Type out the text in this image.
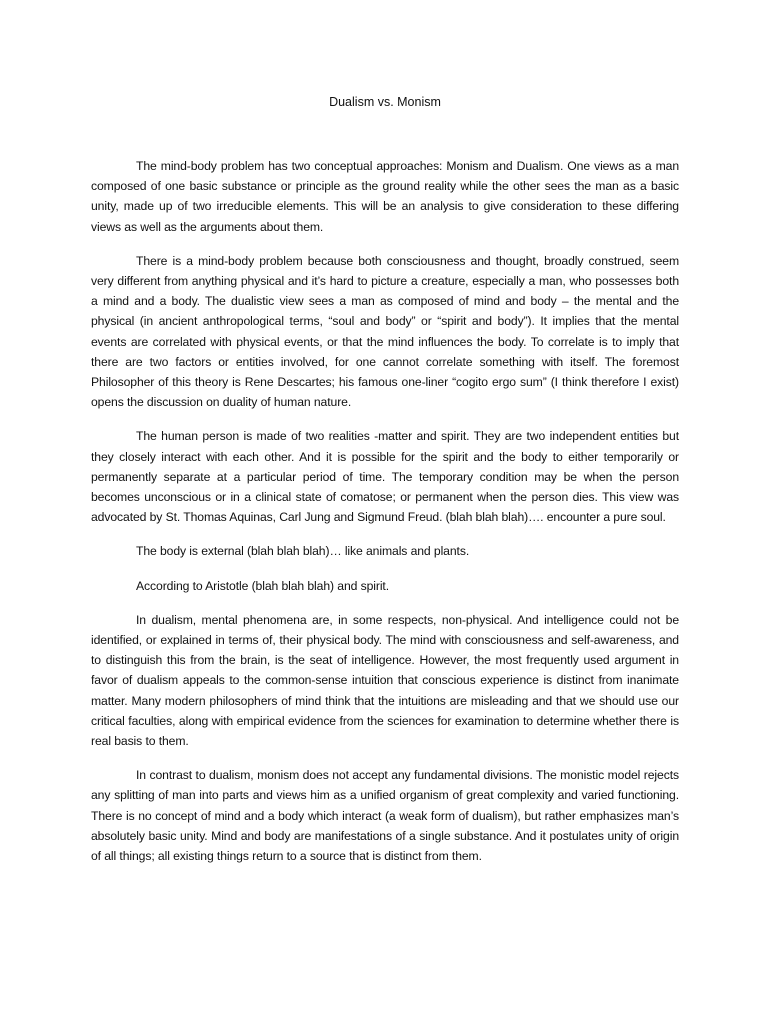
Dualism vs. Monism

The mind-body problem has two conceptual approaches: Monism and Dualism. One views as a man composed of one basic substance or principle as the ground reality while the other sees the man as a basic unity, made up of two irreducible elements. This will be an analysis to give consideration to these differing views as well as the arguments about them.

There is a mind-body problem because both consciousness and thought, broadly construed, seem very different from anything physical and it’s hard to picture a creature, especially a man, who possesses both a mind and a body. The dualistic view sees a man as composed of mind and body – the mental and the physical (in ancient anthropological terms, “soul and body” or “spirit and body”). It implies that the mental events are correlated with physical events, or that the mind influences the body. To correlate is to imply that there are two factors or entities involved, for one cannot correlate something with itself. The foremost Philosopher of this theory is Rene Descartes; his famous one-liner “cogito ergo sum” (I think therefore I exist) opens the discussion on duality of human nature.

The human person is made of two realities -matter and spirit. They are two independent entities but they closely interact with each other. And it is possible for the spirit and the body to either temporarily or permanently separate at a particular period of time. The temporary condition may be when the person becomes unconscious or in a clinical state of comatose; or permanent when the person dies. This view was advocated by St. Thomas Aquinas, Carl Jung and Sigmund Freud. (blah blah blah)…. encounter a pure soul.

The body is external (blah blah blah)… like animals and plants.

According to Aristotle (blah blah blah) and spirit.

In dualism, mental phenomena are, in some respects, non-physical. And intelligence could not be identified, or explained in terms of, their physical body. The mind with consciousness and self-awareness, and to distinguish this from the brain, is the seat of intelligence. However, the most frequently used argument in favor of dualism appeals to the common-sense intuition that conscious experience is distinct from inanimate matter. Many modern philosophers of mind think that the intuitions are misleading and that we should use our critical faculties, along with empirical evidence from the sciences for examination to determine whether there is real basis to them.

In contrast to dualism, monism does not accept any fundamental divisions. The monistic model rejects any splitting of man into parts and views him as a unified organism of great complexity and varied functioning. There is no concept of mind and a body which interact (a weak form of dualism), but rather emphasizes man’s absolutely basic unity. Mind and body are manifestations of a single substance. And it postulates unity of origin of all things; all existing things return to a source that is distinct from them.
